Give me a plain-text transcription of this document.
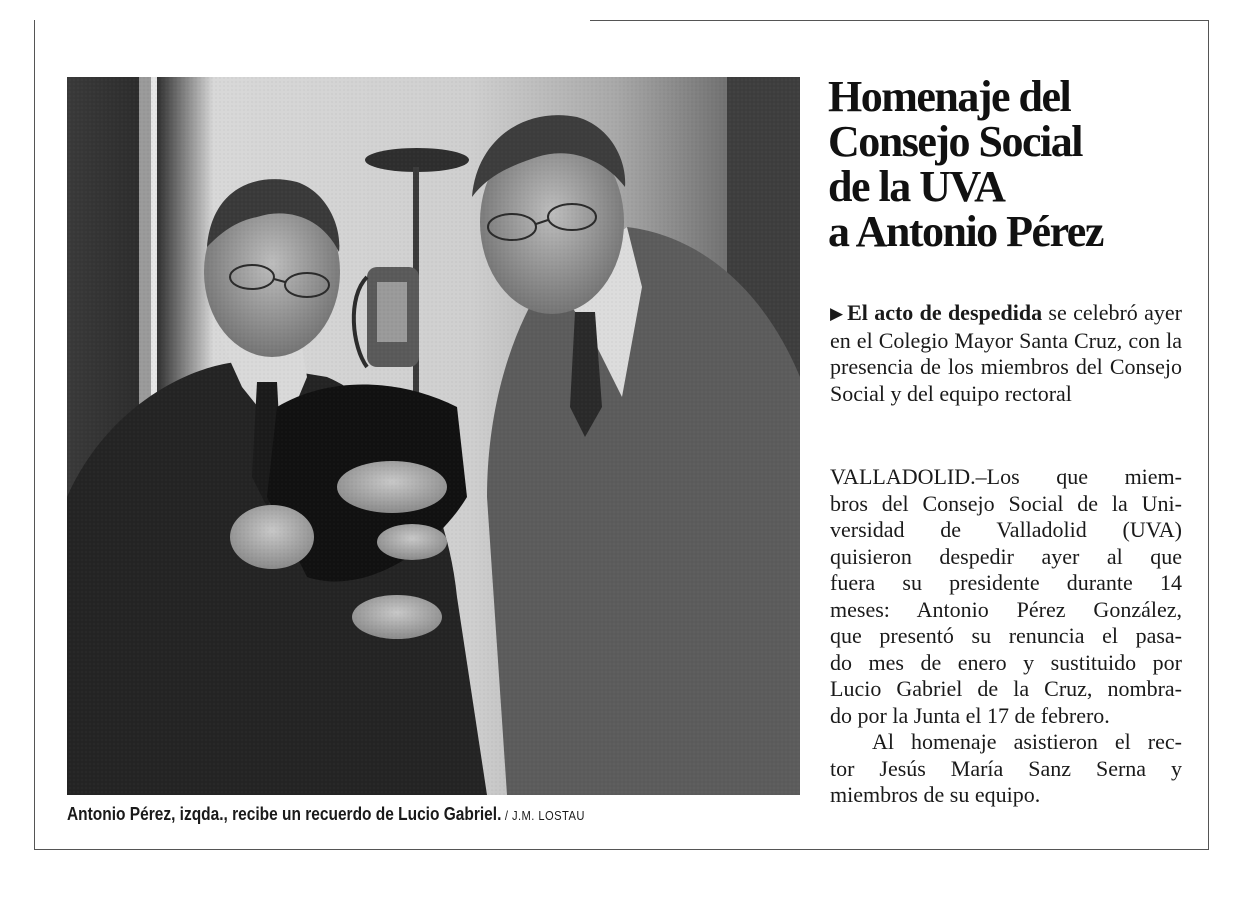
Antonio Pérez, izqda., recibe un recuerdo de Lucio Gabriel. / J.M. LOSTAU
Homenaje del
Consejo Social
de la UVA
a Antonio Pérez

▶ El acto de despedida se celebró ayer en el Colegio Mayor Santa Cruz, con la presencia de los miembros del Consejo Social y del equipo rectoral

VALLADOLID.–Los que miem-
bros del Consejo Social de la Uni-
versidad de Valladolid (UVA)
quisieron despedir ayer al que
fuera su presidente durante 14
meses: Antonio Pérez González,
que presentó su renuncia el pasa-
do mes de enero y sustituido por
Lucio Gabriel de la Cruz, nombra-
do por la Junta el 17 de febrero.

Al homenaje asistieron el rec-
tor Jesús María Sanz Serna y
miembros de su equipo.
